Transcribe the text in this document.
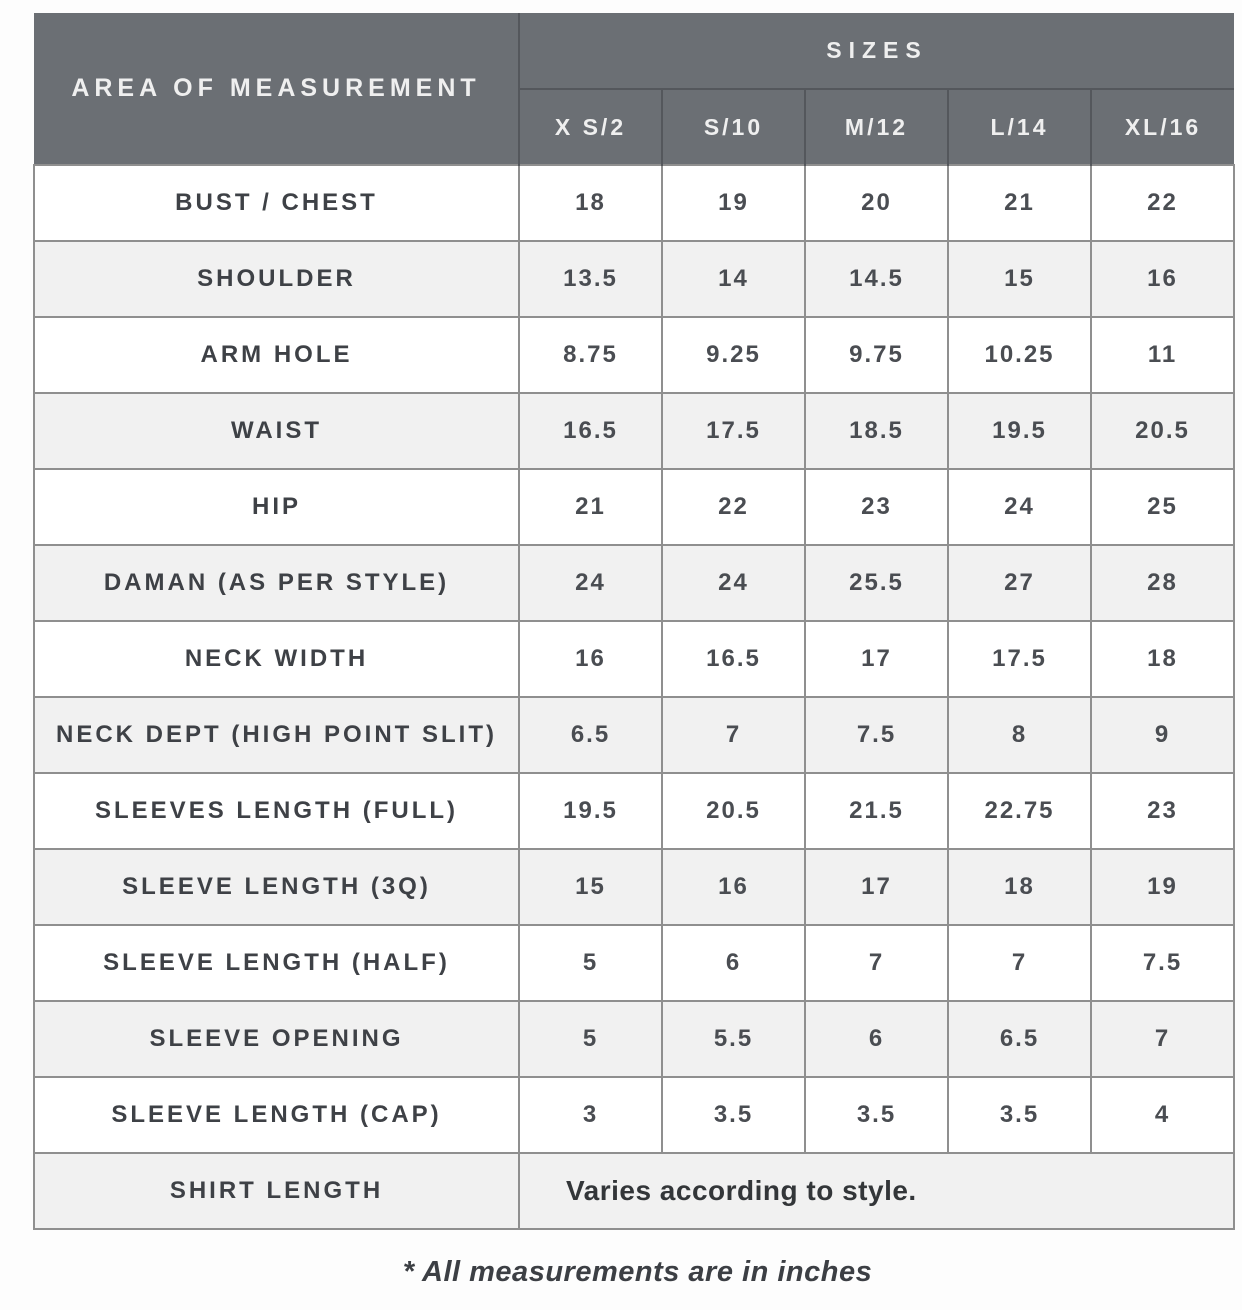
AREA OF MEASUREMENT	SIZES				
	X S/2	S/10	M/12	L/14	XL/16
BUST / CHEST	18	19	20	21	22
SHOULDER	13.5	14	14.5	15	16
ARM HOLE	8.75	9.25	9.75	10.25	11
WAIST	16.5	17.5	18.5	19.5	20.5
HIP	21	22	23	24	25
DAMAN (AS PER STYLE)	24	24	25.5	27	28
NECK WIDTH	16	16.5	17	17.5	18
NECK DEPT (HIGH POINT SLIT)	6.5	7	7.5	8	9
SLEEVES LENGTH (FULL)	19.5	20.5	21.5	22.75	23
SLEEVE LENGTH (3Q)	15	16	17	18	19
SLEEVE LENGTH (HALF)	5	6	7	7	7.5
SLEEVE OPENING	5	5.5	6	6.5	7
SLEEVE LENGTH (CAP)	3	3.5	3.5	3.5	4
SHIRT LENGTH	Varies according to style.				
* All measurements are in inches
